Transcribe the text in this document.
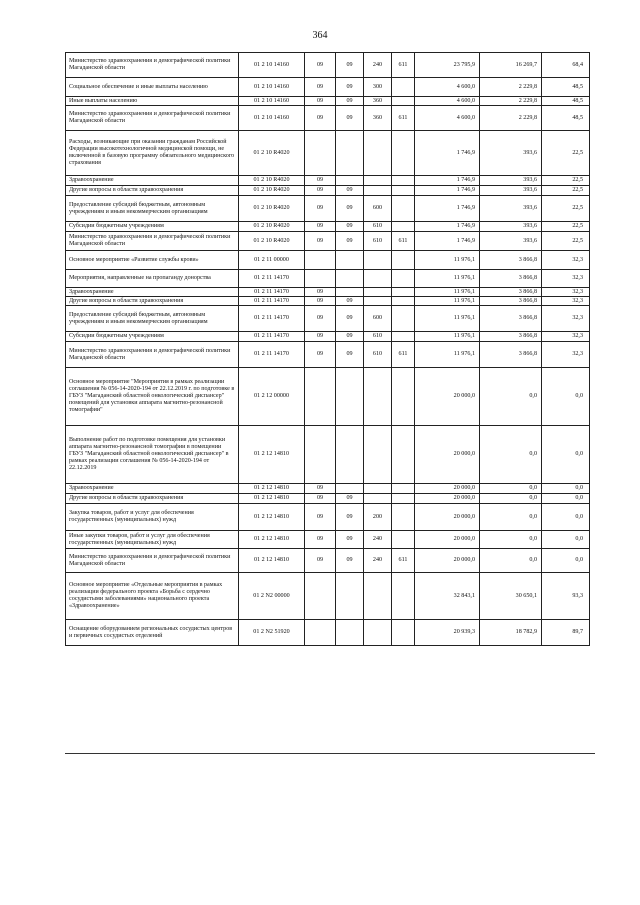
364
Министерство здравоохранения и демографической политики Магаданской области	01 2 10 14160	09	09	240	611	23 795,9	16 269,7	68,4
Социальное обеспечение и иные выплаты населению	01 2 10 14160	09	09	300		4 600,0	2 229,8	48,5
Иные выплаты населению	01 2 10 14160	09	09	360		4 600,0	2 229,8	48,5
Министерство здравоохранения и демографической политики Магаданской области	01 2 10 14160	09	09	360	611	4 600,0	2 229,8	48,5
Расходы, возникающие при оказании гражданам Российской Федерации высокотехнологичной медицинской помощи, не включенной в базовую программу обязательного медицинского страхования	01 2 10 R4020					1 746,9	393,6	22,5
Здравоохранение	01 2 10 R4020	09				1 746,9	393,6	22,5
Другие вопросы в области здравоохранения	01 2 10 R4020	09	09			1 746,9	393,6	22,5
Предоставление субсидий бюджетным, автономным учреждениям и иным некоммерческим организациям	01 2 10 R4020	09	09	600		1 746,9	393,6	22,5
Субсидии бюджетным учреждениям	01 2 10 R4020	09	09	610		1 746,9	393,6	22,5
Министерство здравоохранения и демографической политики Магаданской области	01 2 10 R4020	09	09	610	611	1 746,9	393,6	22,5
Основное мероприятие «Развитие службы крови»	01 2 11 00000					11 976,1	3 866,8	32,3
Мероприятия, направленные на пропаганду донорства	01 2 11 14170					11 976,1	3 866,8	32,3
Здравоохранение	01 2 11 14170	09				11 976,1	3 866,8	32,3
Другие вопросы в области здравоохранения	01 2 11 14170	09	09			11 976,1	3 866,8	32,3
Предоставление субсидий бюджетным, автономным учреждениям и иным некоммерческим организациям	01 2 11 14170	09	09	600		11 976,1	3 866,8	32,3
Субсидии бюджетным учреждениям	01 2 11 14170	09	09	610		11 976,1	3 866,8	32,3
Министерство здравоохранения и демографической политики Магаданской области	01 2 11 14170	09	09	610	611	11 976,1	3 866,8	32,3
Основное мероприятие "Мероприятия в рамках реализации соглашения № 056-14-2020-194 от 22.12.2019 г. по подготовке в ГБУЗ "Магаданский областной онкологический диспансер" помещений для установки аппарата магнитно-резонансной томографии"	01 2 12 00000					20 000,0	0,0	0,0
Выполнение работ по подготовке помещения для установки аппарата магнитно-резонансной томографии в помещении ГБУЗ "Магаданский областной онкологический диспансер" в рамках реализации соглашения № 056-14-2020-194 от 22.12.2019	01 2 12 14810					20 000,0	0,0	0,0
Здравоохранение	01 2 12 14810	09				20 000,0	0,0	0,0
Другие вопросы в области здравоохранения	01 2 12 14810	09	09			20 000,0	0,0	0,0
Закупка товаров, работ и услуг для обеспечения государственных (муниципальных) нужд	01 2 12 14810	09	09	200		20 000,0	0,0	0,0
Иные закупки товаров, работ и услуг для обеспечения государственных (муниципальных) нужд	01 2 12 14810	09	09	240		20 000,0	0,0	0,0
Министерство здравоохранения и демографической политики Магаданской области	01 2 12 14810	09	09	240	611	20 000,0	0,0	0,0
Основное мероприятие «Отдельные мероприятия в рамках реализации федерального проекта «Борьба с сердечно сосудистыми заболеваниями» национального проекта «Здравоохранение»	01 2 N2 00000					32 843,1	30 650,1	93,3
Оснащение оборудованием региональных сосудистых центров и первичных сосудистых отделений	01 2 N2 51920					20 939,3	18 782,9	89,7
